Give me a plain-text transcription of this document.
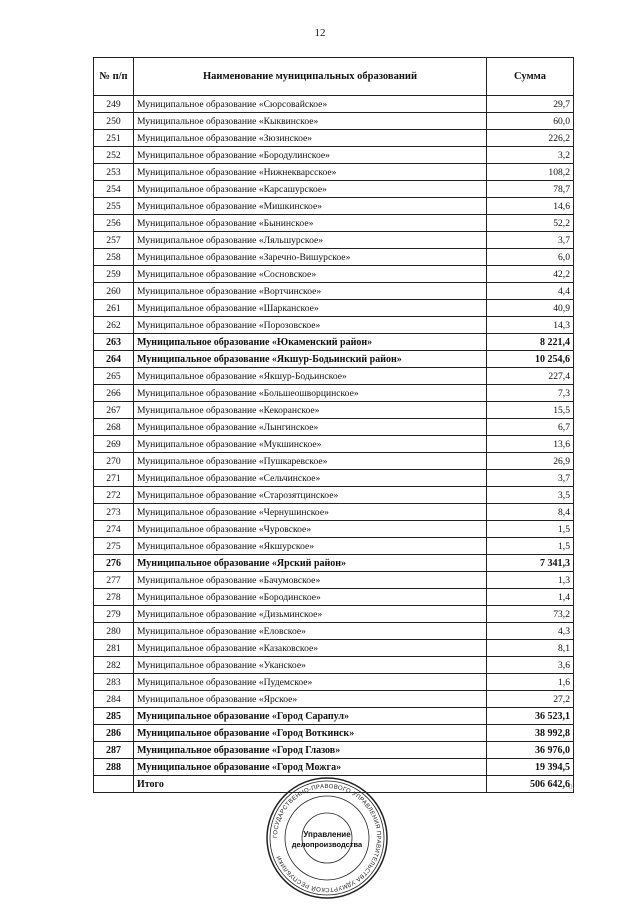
12
№ п/п	Наименование муниципальных образований	Сумма
249	Муниципальное образование «Сюрсовайское»	29,7
250	Муниципальное образование «Кыквинское»	60,0
251	Муниципальное образование «Зюзинское»	226,2
252	Муниципальное образование «Бородулинское»	3,2
253	Муниципальное образование «Нижнекварсское»	108,2
254	Муниципальное образование «Карсашурское»	78,7
255	Муниципальное образование «Мишкинское»	14,6
256	Муниципальное образование «Бынинское»	52,2
257	Муниципальное образование «Ляльшурское»	3,7
258	Муниципальное образование «Заречно-Вишурское»	6,0
259	Муниципальное образование «Сосновское»	42,2
260	Муниципальное образование «Вортчинское»	4,4
261	Муниципальное образование «Шарканское»	40,9
262	Муниципальное образование «Порозовское»	14,3
263	Муниципальное образование «Юкаменский район»	8 221,4
264	Муниципальное образование «Якшур-Бодьинский район»	10 254,6
265	Муниципальное образование «Якшур-Бодьинское»	227,4
266	Муниципальное образование «Большеошворцинское»	7,3
267	Муниципальное образование «Кекоранское»	15,5
268	Муниципальное образование «Лынгинское»	6,7
269	Муниципальное образование «Мукшинское»	13,6
270	Муниципальное образование «Пушкаревское»	26,9
271	Муниципальное образование «Сельчинское»	3,7
272	Муниципальное образование «Старозятцинское»	3,5
273	Муниципальное образование «Чернушинское»	8,4
274	Муниципальное образование «Чуровское»	1,5
275	Муниципальное образование «Якшурское»	1,5
276	Муниципальное образование «Ярский район»	7 341,3
277	Муниципальное образование «Бачумовское»	1,3
278	Муниципальное образование «Бородинское»	1,4
279	Муниципальное образование «Дизьминское»	73,2
280	Муниципальное образование «Еловское»	4,3
281	Муниципальное образование «Казаковское»	8,1
282	Муниципальное образование «Уканское»	3,6
283	Муниципальное образование «Пудемское»	1,6
284	Муниципальное образование «Ярское»	27,2
285	Муниципальное образование «Город Сарапул»	36 523,1
286	Муниципальное образование «Город Воткинск»	38 992,8
287	Муниципальное образование «Город Глазов»	36 976,0
288	Муниципальное образование «Город Можга»	19 394,5
	Итого	506 642,6 0.
ГОСУДАРСТВЕННО-ПРАВОВОГО УПРАВЛЕНИЯ ПРАВИТЕЛЬСТВА УДМУРТСКОЙ РЕСПУБЛИКИ
Управление
делопроизводства
